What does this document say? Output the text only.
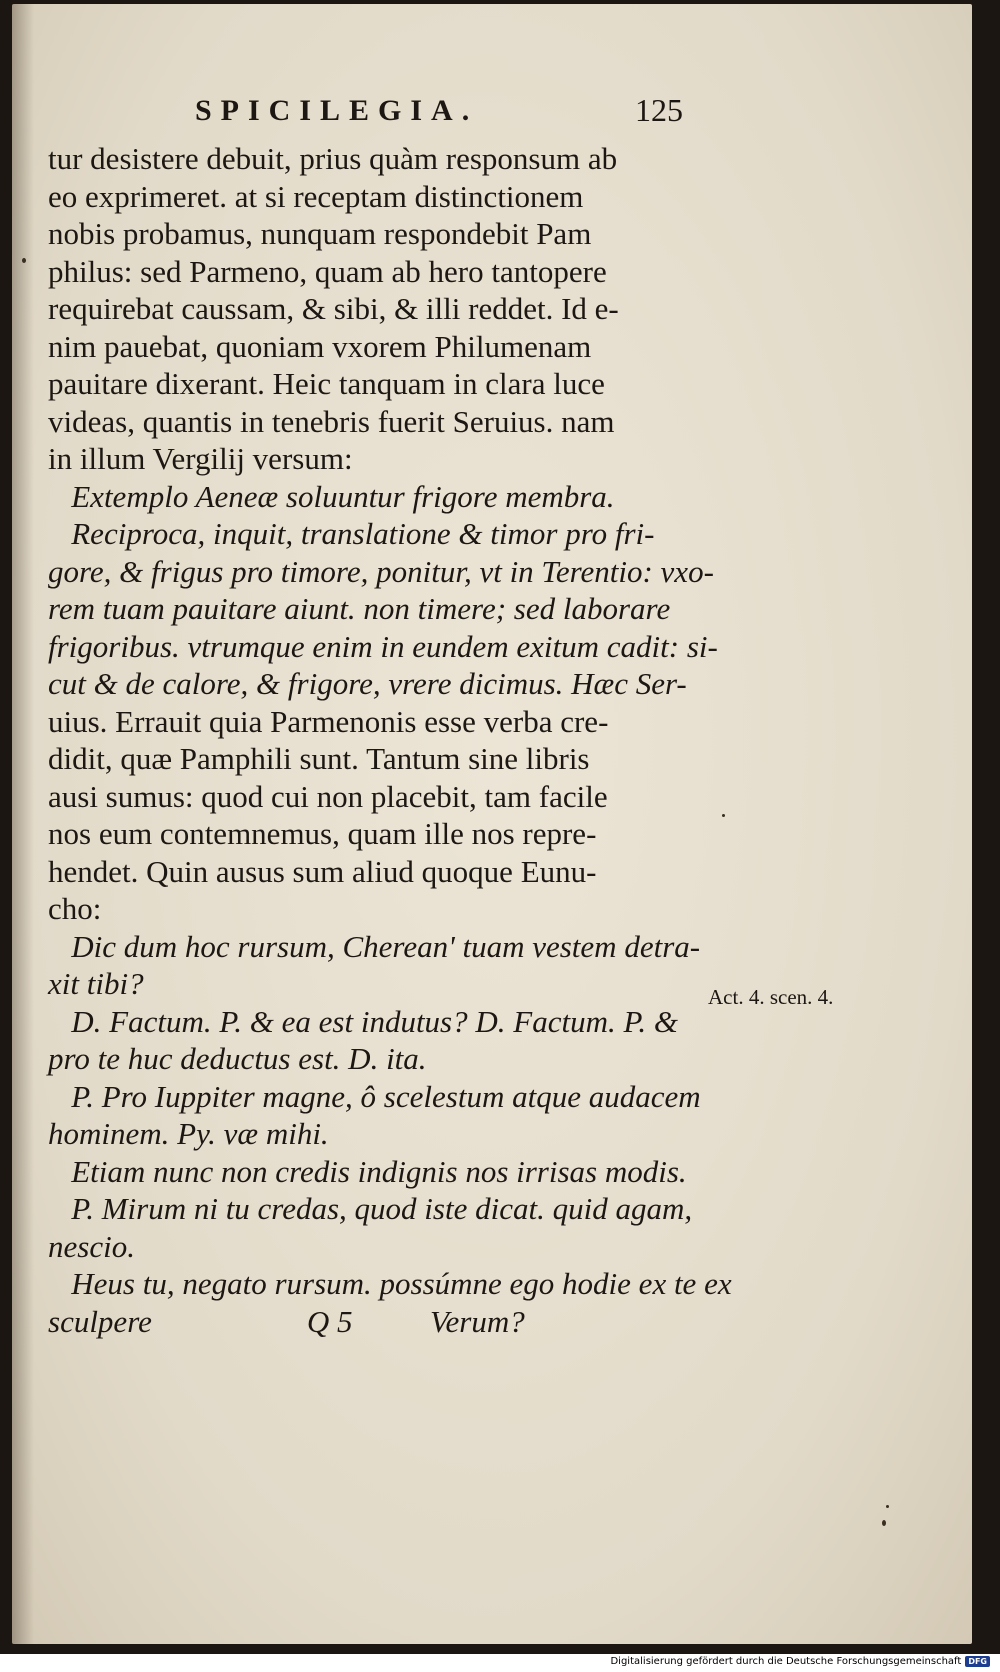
SPICILEGIA.	125
tur desistere debuit, prius quàm responsum ab
eo exprimeret. at si receptam distinctionem
nobis probamus, nunquam respondebit Pam
philus: sed Parmeno, quam ab hero tantopere
requirebat caussam, & sibi, & illi reddet. Id e-
nim pauebat, quoniam vxorem Philumenam
pauitare dixerant. Heic tanquam in clara luce
videas, quantis in tenebris fuerit Seruius. nam
in illum Vergilij versum:
Extemplo Aeneæ soluuntur frigore membra.
Reciproca, inquit, translatione & timor pro fri-
gore, & frigus pro timore, ponitur, vt in Terentio: vxo-
rem tuam pauitare aiunt. non timere; sed laborare
frigoribus. vtrumque enim in eundem exitum cadit: si-
cut & de calore, & frigore, vrere dicimus. Hæc Ser-
uius. Errauit quia Parmenonis esse verba cre-
didit, quæ Pamphili sunt. Tantum sine libris
ausi sumus: quod cui non placebit, tam facile
nos eum contemnemus, quam ille nos repre-
hendet. Quin ausus sum aliud quoque Eunu-
cho:
Dic dum hoc rursum, Cherean' tuam vestem detra-
xit tibi?
D. Factum. P. & ea est indutus? D. Factum. P. &
pro te huc deductus est. D. ita.
P. Pro Iuppiter magne, ô scelestum atque audacem
hominem. Py. væ mihi.
Etiam nunc non credis indignis nos irrisas modis.
P. Mirum ni tu credas, quod iste dicat. quid agam,
nescio.
Heus tu, negato rursum. possúmne ego hodie ex te ex
sculpere                    Q 5          Verum?
Act. 4. scen. 4.
Digitalisierung gefördert durch die Deutsche Forschungsgemeinschaft DFG
